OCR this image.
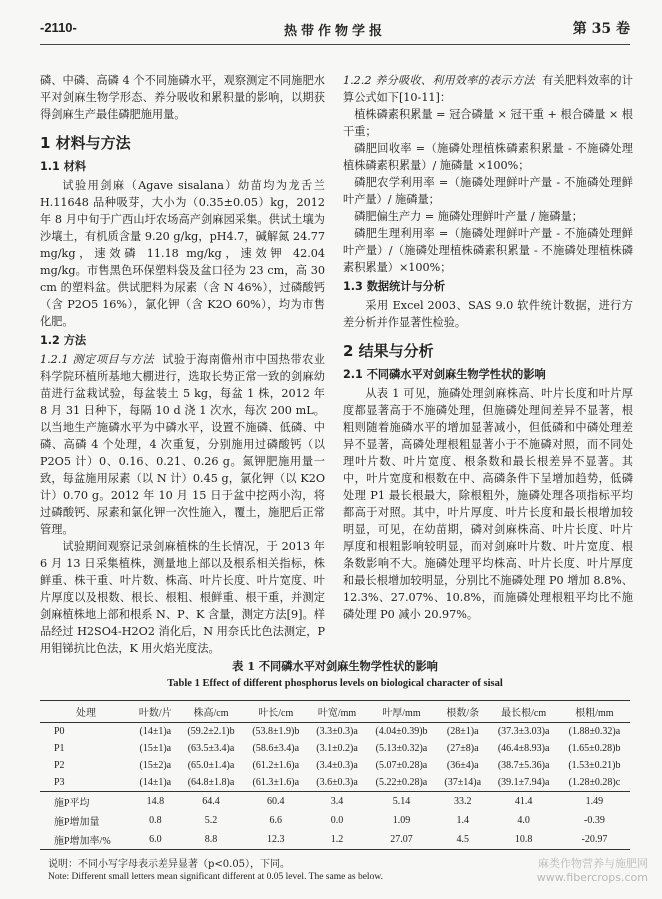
-2110-	热带作物学报	第 35 卷

磷、中磷、高磷 4 个不同施磷水平，观察测定不同施肥水平对剑麻生物学形态、养分吸收和累积量的影响，以期获得剑麻生产最佳磷肥施用量。

1 材料与方法
1.1 材料

试验用剑麻（Agave sisalana）幼苗均为龙舌兰 H.11648 品种吸芽，大小为（0.35±0.05）kg，2012 年 8 月中旬于广西山圩农场高产剑麻园采集。供试土壤为沙壤土，有机质含量 9.20 g/kg，pH4.7，碱解氮 24.77 mg/kg，速效磷 11.18 mg/kg，速效钾 42.04 mg/kg。市售黑色环保塑料袋及盆口径为 23 cm，高 30 cm 的塑料盆。供试肥料为尿素（含 N 46%），过磷酸钙（含 P2O5 16%），氯化钾（含 K2O 60%），均为市售化肥。

1.2 方法

1.2.1 测定项目与方法 试验于海南儋州市中国热带农业科学院环植所基地大棚进行，选取长势正常一致的剑麻幼苗进行盆栽试验，每盆装土 5 kg，每盆 1 株，2012 年 8 月 31 日种下，每隔 10 d 浇 1 次水，每次 200 mL。以当地生产施磷水平为中磷水平，设置不施磷、低磷、中磷、高磷 4 个处理，4 次重复，分别施用过磷酸钙（以 P2O5 计）0、0.16、0.21、0.26 g。氮钾肥施用量一致，每盆施用尿素（以 N 计）0.45 g，氯化钾（以 K2O 计）0.70 g。2012 年 10 月 15 日于盆中挖两小沟，将过磷酸钙、尿素和氯化钾一次性施入，覆土，施肥后正常管理。

试验期间观察记录剑麻植株的生长情况，于 2013 年 6 月 13 日采集植株，测量地上部以及根系相关指标，株鲜重、株干重、叶片数、株高、叶片长度、叶片宽度、叶片厚度以及根数、根长、根粗、根鲜重、根干重，并测定剑麻植株地上部和根系 N、P、K 含量，测定方法[9]。样品经过 H2SO4-H2O2 消化后，N 用奈氏比色法测定，P 用钼锑抗比色法，K 用火焰光度法。

1.2.2 养分吸收、利用效率的表示方法 有关肥料效率的计算公式如下[10-11]：

植株磷素积累量 = 冠合磷量 × 冠干重 + 根合磷量 × 根干重；

磷肥回收率 =（施磷处理植株磷素积累量 - 不施磷处理植株磷素积累量）/ 施磷量 ×100%；

磷肥农学利用率 =（施磷处理鲜叶产量 - 不施磷处理鲜叶产量）/ 施磷量；

磷肥偏生产力 = 施磷处理鲜叶产量 / 施磷量；

磷肥生理利用率 =（施磷处理鲜叶产量 - 不施磷处理鲜叶产量）/（施磷处理植株磷素积累量 - 不施磷处理植株磷素积累量）×100%；

1.3 数据统计与分析

采用 Excel 2003、SAS 9.0 软件统计数据，进行方差分析并作显著性检验。

2 结果与分析
2.1 不同磷水平对剑麻生物学性状的影响

从表 1 可见，施磷处理剑麻株高、叶片长度和叶片厚度都显著高于不施磷处理，但施磷处理间差异不显著，根粗则随着施磷水平的增加显著减小，但低磷和中磷处理差异不显著，高磷处理根粗显著小于不施磷对照，而不同处理叶片数、叶片宽度、根条数和最长根差异不显著。其中，叶片宽度和根数在中、高磷条件下呈增加趋势，低磷处理 P1 最长根最大，除根粗外，施磷处理各项指标平均都高于对照。其中，叶片厚度、叶片长度和最长根增加较明显，可见，在幼苗期，磷对剑麻株高、叶片长度、叶片厚度和根粗影响较明显，而对剑麻叶片数、叶片宽度、根条数影响不大。施磷处理平均株高、叶片长度、叶片厚度和最长根增加较明显，分别比不施磷处理 P0 增加 8.8%、12.3%、27.07%、10.8%，而施磷处理根粗平均比不施磷处理 P0 减小 20.97%。

表 1 不同磷水平对剑麻生物学性状的影响
Table 1 Effect of different phosphorus levels on biological character of sisal
处理	叶数/片	株高/cm	叶长/cm	叶宽/mm	叶厚/mm	根数/条	最长根/cm	根粗/mm
P0	(14±1)a	(59.2±2.1)b	(53.8±1.9)b	(3.3±0.3)a	(4.04±0.39)b	(28±1)a	(37.3±3.03)a	(1.88±0.32)a
P1	(15±1)a	(63.5±3.4)a	(58.6±3.4)a	(3.1±0.2)a	(5.13±0.32)a	(27±8)a	(46.4±8.93)a	(1.65±0.28)b
P2	(15±2)a	(65.0±1.4)a	(61.2±1.6)a	(3.4±0.3)a	(5.07±0.28)a	(36±4)a	(38.7±5.36)a	(1.53±0.21)b
P3	(14±1)a	(64.8±1.8)a	(61.3±1.6)a	(3.6±0.3)a	(5.22±0.28)a	(37±14)a	(39.1±7.94)a	(1.28±0.28)c
施P平均	14.8	64.4	60.4	3.4	5.14	33.2	41.4	1.49
施P增加量	0.8	5.2	6.6	0.0	1.09	1.4	4.0	-0.39
施P增加率/%	6.0	8.8	12.3	1.2	27.07	4.5	10.8	-20.97
说明：不同小写字母表示差异显著（p<0.05），下同。
Note: Different small letters mean significant different at 0.05 level. The same as below.
麻类作物营养与施肥网
www.fibercrops.com
